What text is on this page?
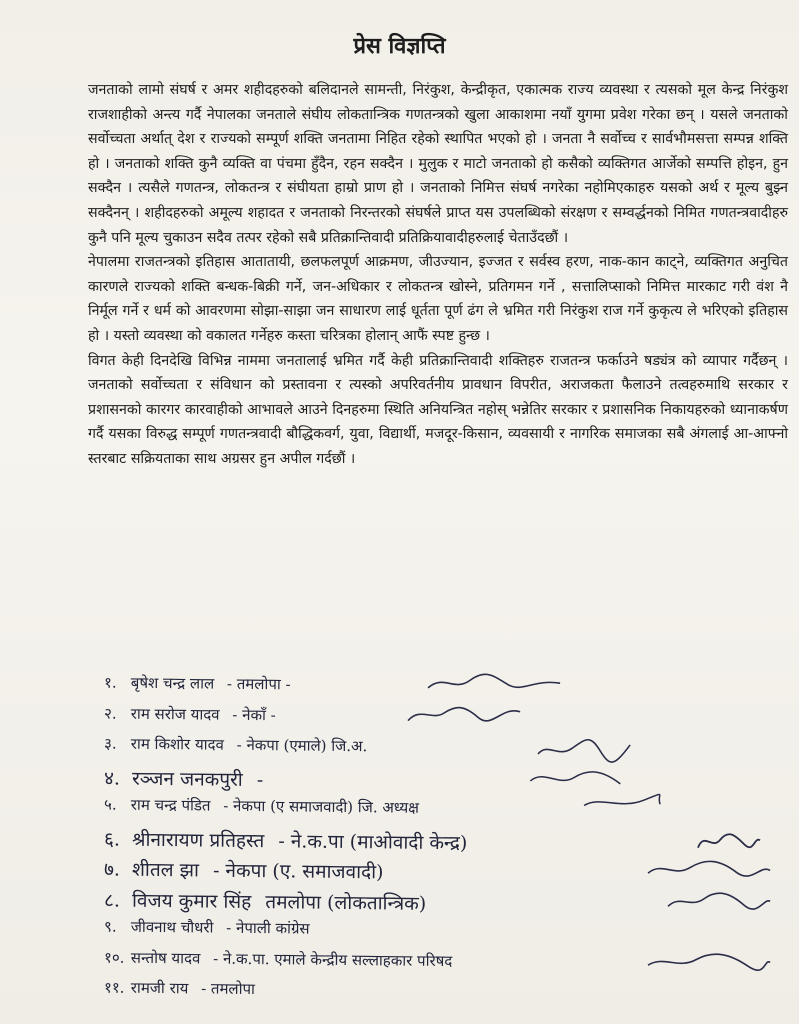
प्रेस विज्ञप्ति

जनताको लामो संघर्ष र अमर शहीदहरुको बलिदानले सामन्ती, निरंकुश, केन्द्रीकृत, एकात्मक राज्य व्यवस्था र त्यसको मूल केन्द्र निरंकुश राजशाहीको अन्त्य गर्दै नेपालका जनताले संघीय लोकतान्त्रिक गणतन्त्रको खुला आकाशमा नयाँ युगमा प्रवेश गरेका छन् । यसले जनताको सर्वोच्चता अर्थात् देश र राज्यको सम्पूर्ण शक्ति जनतामा निहित रहेको स्थापित भएको हो । जनता नै सर्वोच्च र सार्वभौमसत्ता सम्पन्न शक्ति हो । जनताको शक्ति कुनै व्यक्ति वा पंचमा हुँदैन, रहन सक्दैन । मुलुक र माटो जनताको हो कसैको व्यक्तिगत आर्जेको सम्पत्ति होइन, हुन सक्दैन । त्यसैले गणतन्त्र, लोकतन्त्र र संघीयता हाम्रो प्राण हो । जनताको निमित्त संघर्ष नगरेका नहोमिएकाहरु यसको अर्थ र मूल्य बुझ्न सक्दैनन् । शहीदहरुको अमूल्य शहादत र जनताको निरन्तरको संघर्षले प्राप्त यस उपलब्धिको संरक्षण र सम्वर्द्धनको निमित गणतन्त्रवादीहरु कुनै पनि मूल्य चुकाउन सदैव तत्पर रहेको सबै प्रतिक्रान्तिवादी प्रतिक्रियावादीहरुलाई चेताउँदछौं ।

नेपालमा राजतन्त्रको इतिहास आतातायी, छलफलपूर्ण आक्रमण, जीउज्यान, इज्जत र सर्वस्व हरण, नाक-कान काट्ने, व्यक्तिगत अनुचित कारणले राज्यको शक्ति बन्धक-बिक्री गर्ने, जन-अधिकार र लोकतन्त्र खोस्ने, प्रतिगमन गर्ने , सत्तालिप्साको निमित्त मारकाट गरी वंश नै निर्मूल गर्ने र धर्म को आवरणमा सोझा-साझा जन साधारण लाई धूर्तता पूर्ण ढंग ले भ्रमित गरी निरंकुश राज गर्ने कुकृत्य ले भरिएको इतिहास हो । यस्तो व्यवस्था को वकालत गर्नेहरु कस्ता चरित्रका होलान् आफैं स्पष्ट हुन्छ ।

विगत केही दिनदेखि विभिन्न नाममा जनतालाई भ्रमित गर्दै केही प्रतिक्रान्तिवादी शक्तिहरु राजतन्त्र फर्काउने षड्यंत्र को व्यापार गर्दैछन् । जनताको सर्वोच्चता र संविधान को प्रस्तावना र त्यस्को अपरिवर्तनीय प्रावधान विपरीत, अराजकता फैलाउने तत्वहरुमाथि सरकार र प्रशासनको कारगर कारवाहीको आभावले आउने दिनहरुमा स्थिति अनियन्त्रित नहोस् भन्नेतिर सरकार र प्रशासनिक निकायहरुको ध्यानाकर्षण गर्दै यसका विरुद्ध सम्पूर्ण गणतन्त्रवादी बौद्धिकवर्ग, युवा, विद्यार्थी, मजदूर-किसान, व्यवसायी र नागरिक समाजका सबै अंगलाई आ-आफ्नो स्तरबाट सक्रियताका साथ अग्रसर हुन अपील गर्दछौं ।

१. बृषेश चन्द्र लाल - तमलोपा -
२. राम सरोज यादव - नेकाँ -
३. राम किशोर यादव - नेकपा (एमाले) जि.अ.
४. रञ्जन जनकपुरी -
५. राम चन्द्र पंडित - नेकपा (ए समाजवादी) जि. अध्यक्ष
६. श्रीनारायण प्रतिहस्त - ने.क.पा (माओवादी केन्द्र)
७. शीतल झा - नेकपा (ए. समाजवादी)
८. विजय कुमार सिंह तमलोपा (लोकतान्त्रिक)
९. जीवनाथ चौधरी - नेपाली कांग्रेस
१०. सन्तोष यादव - ने.क.पा. एमाले केन्द्रीय सल्लाहकार परिषद
११. रामजी राय - तमलोपा
